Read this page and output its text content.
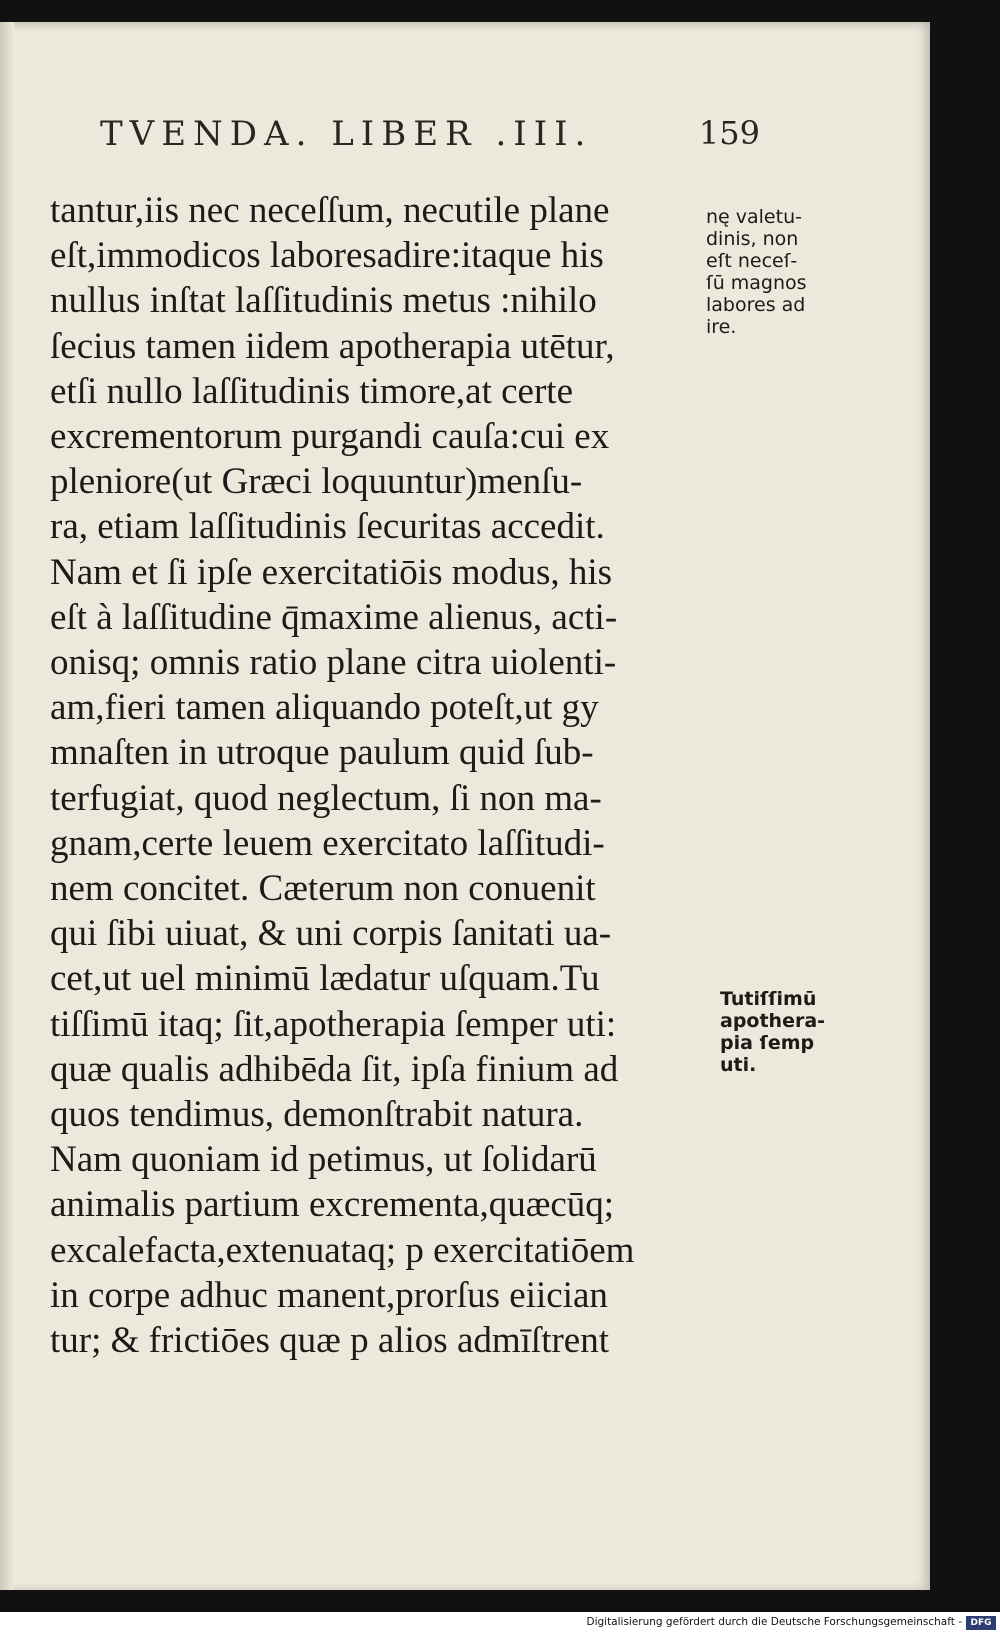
TVENDA. LIBER .III.	159
tantur,iis nec neceſſum, necutile plane
eſt,immodicos laboresadire:itaque his
nullus inſtat laſſitudinis metus :nihilo
ſecius tamen iidem apotherapia utētur,
etſi nullo laſſitudinis timore,at certe
excrementorum purgandi cauſa:cui ex
pleniore(ut Græci loquuntur)menſu-
ra, etiam laſſitudinis ſecuritas accedit.
Nam et ſi ipſe exercitatiōis modus, his
eſt à laſſitudine q̄maxime alienus, acti-
onisq; omnis ratio plane citra uiolenti-
am,fieri tamen aliquando poteſt,ut gy
mnaſten in utroque paulum quid ſub-
terfugiat, quod neglectum, ſi non ma-
gnam,certe leuem exercitato laſſitudi-
nem concitet. Cæterum non conuenit
qui ſibi uiuat, & uni corpis ſanitati ua-
cet,ut uel minimū lædatur uſquam.Tu
tiſſimū itaq; ſit,apotherapia ſemper uti:
quæ qualis adhibēda ſit, ipſa finium ad
quos tendimus, demonſtrabit natura.
Nam quoniam id petimus, ut ſolidarū
animalis partium excrementa,quæcūq;
excalefacta,extenuataq; p exercitatiōem
in corpe adhuc manent,prorſus eiician
tur; & frictiōes quæ p alios admīſtrent
nę valetu-
dinis, non
eſt neceſ-
ſū magnos
labores ad
ire.
Tutiſſimū
apothera-
pia ſemp
uti.
Digitalisierung gefördert durch die Deutsche Forschungsgemeinschaft - DFG
